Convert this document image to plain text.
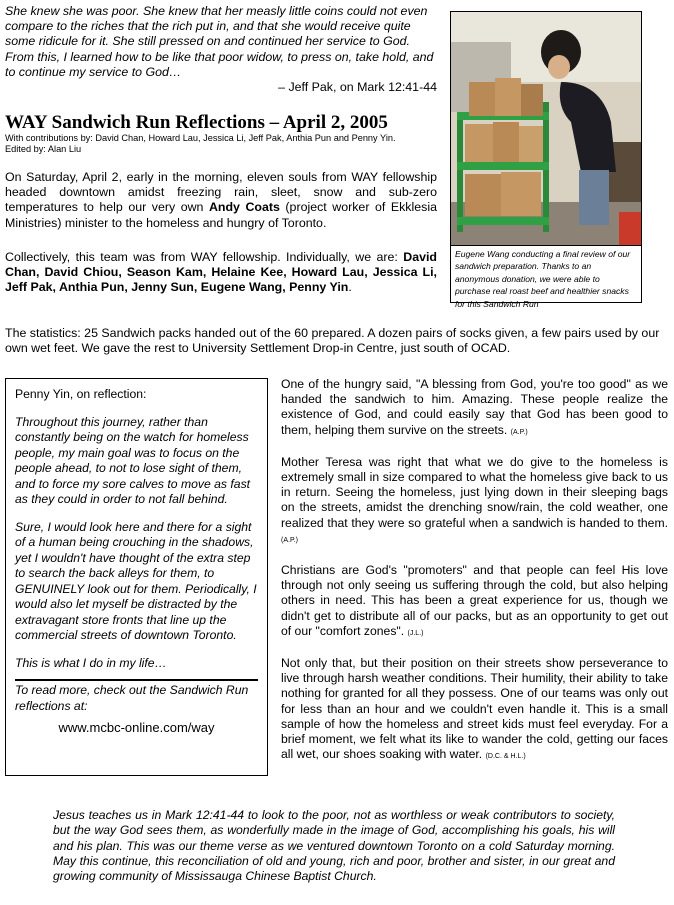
She knew she was poor. She knew that her measly little coins could not even compare to the riches that the rich put in, and that she would receive quite some ridicule for it. She still pressed on and continued her service to God. From this, I learned how to be like that poor widow, to press on, take hold, and to continue my service to God…
– Jeff Pak, on Mark 12:41-44
WAY Sandwich Run Reflections – April 2, 2005
With contributions by: David Chan, Howard Lau, Jessica Li, Jeff Pak, Anthia Pun and Penny Yin.
Edited by: Alan Liu
On Saturday, April 2, early in the morning, eleven souls from WAY fellowship headed downtown amidst freezing rain, sleet, snow and sub-zero temperatures to help our very own Andy Coats (project worker of Ekklesia Ministries) minister to the homeless and hungry of Toronto.
Collectively, this team was from WAY fellowship. Individually, we are: David Chan, David Chiou, Season Kam, Helaine Kee, Howard Lau, Jessica Li, Jeff Pak, Anthia Pun, Jenny Sun, Eugene Wang, Penny Yin.
The statistics: 25 Sandwich packs handed out of the 60 prepared. A dozen pairs of socks given, a few pairs used by our own wet feet. We gave the rest to University Settlement Drop-in Centre, just south of OCAD.
Eugene Wang conducting a final review of our sandwich preparation. Thanks to an anonymous donation, we were able to purchase real roast beef and healthier snacks for this Sandwich Run

Penny Yin, on reflection:

Throughout this journey, rather than constantly being on the watch for homeless people, my main goal was to focus on the people ahead, to not to lose sight of them, and to force my sore calves to move as fast as they could in order to not fall behind.

Sure, I would look here and there for a sight of a human being crouching in the shadows, yet I wouldn't have thought of the extra step to search the back alleys for them, to GENUINELY look out for them. Periodically, I would also let myself be distracted by the extravagant store fronts that line up the commercial streets of downtown Toronto.

This is what I do in my life…

To read more, check out the Sandwich Run reflections at:
www.mcbc-online.com/way

One of the hungry said, "A blessing from God, you're too good" as we handed the sandwich to him. Amazing. These people realize the existence of God, and could easily say that God has been good to them, helping them survive on the streets. (A.P.)

Mother Teresa was right that what we do give to the homeless is extremely small in size compared to what the homeless give back to us in return. Seeing the homeless, just lying down in their sleeping bags on the streets, amidst the drenching snow/rain, the cold weather, one realized that they were so grateful when a sandwich is handed to them. (A.P.)

Christians are God's "promoters" and that people can feel His love through not only seeing us suffering through the cold, but also helping others in need. This has been a great experience for us, though we didn't get to distribute all of our packs, but as an opportunity to get out of our "comfort zones". (J.L.)

Not only that, but their position on their streets show perseverance to live through harsh weather conditions. Their humility, their ability to take nothing for granted for all they possess. One of our teams was only out for less than an hour and we couldn't even handle it. This is a small sample of how the homeless and street kids must feel everyday. For a brief moment, we felt what its like to wander the cold, getting our faces all wet, our shoes soaking with water. (D.C. & H.L.)

Jesus teaches us in Mark 12:41-44 to look to the poor, not as worthless or weak contributors to society, but the way God sees them, as wonderfully made in the image of God, accomplishing his goals, his will and his plan. This was our theme verse as we ventured downtown Toronto on a cold Saturday morning. May this continue, this reconciliation of old and young, rich and poor, brother and sister, in our great and growing community of Mississauga Chinese Baptist Church.
